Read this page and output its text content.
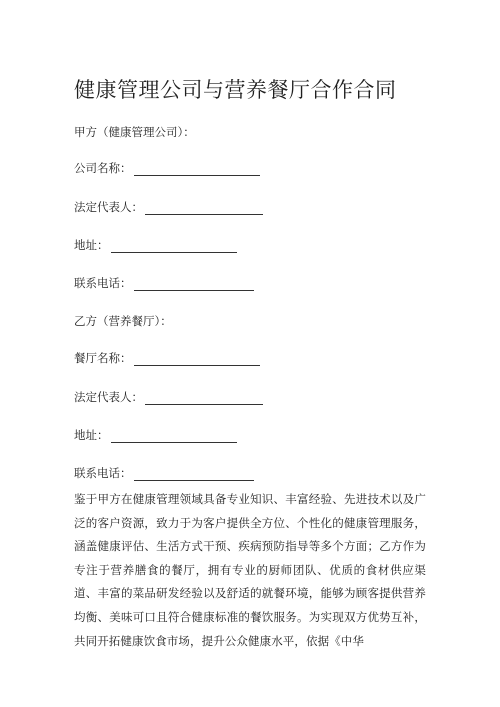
健康管理公司与营养餐厅合作合同
甲方（健康管理公司）：
公司名称：
法定代表人：
地址：
联系电话：
乙方（营养餐厅）：
餐厅名称：
法定代表人：
地址：
联系电话：
鉴于甲方在健康管理领域具备专业知识、丰富经验、先进技术以及广泛的客户资源，致力于为客户提供全方位、个性化的健康管理服务，涵盖健康评估、生活方式干预、疾病预防指导等多个方面；乙方作为专注于营养膳食的餐厅，拥有专业的厨师团队、优质的食材供应渠道、丰富的菜品研发经验以及舒适的就餐环境，能够为顾客提供营养均衡、美味可口且符合健康标准的餐饮服务。为实现双方优势互补，共同开拓健康饮食市场，提升公众健康水平，依据《中华
